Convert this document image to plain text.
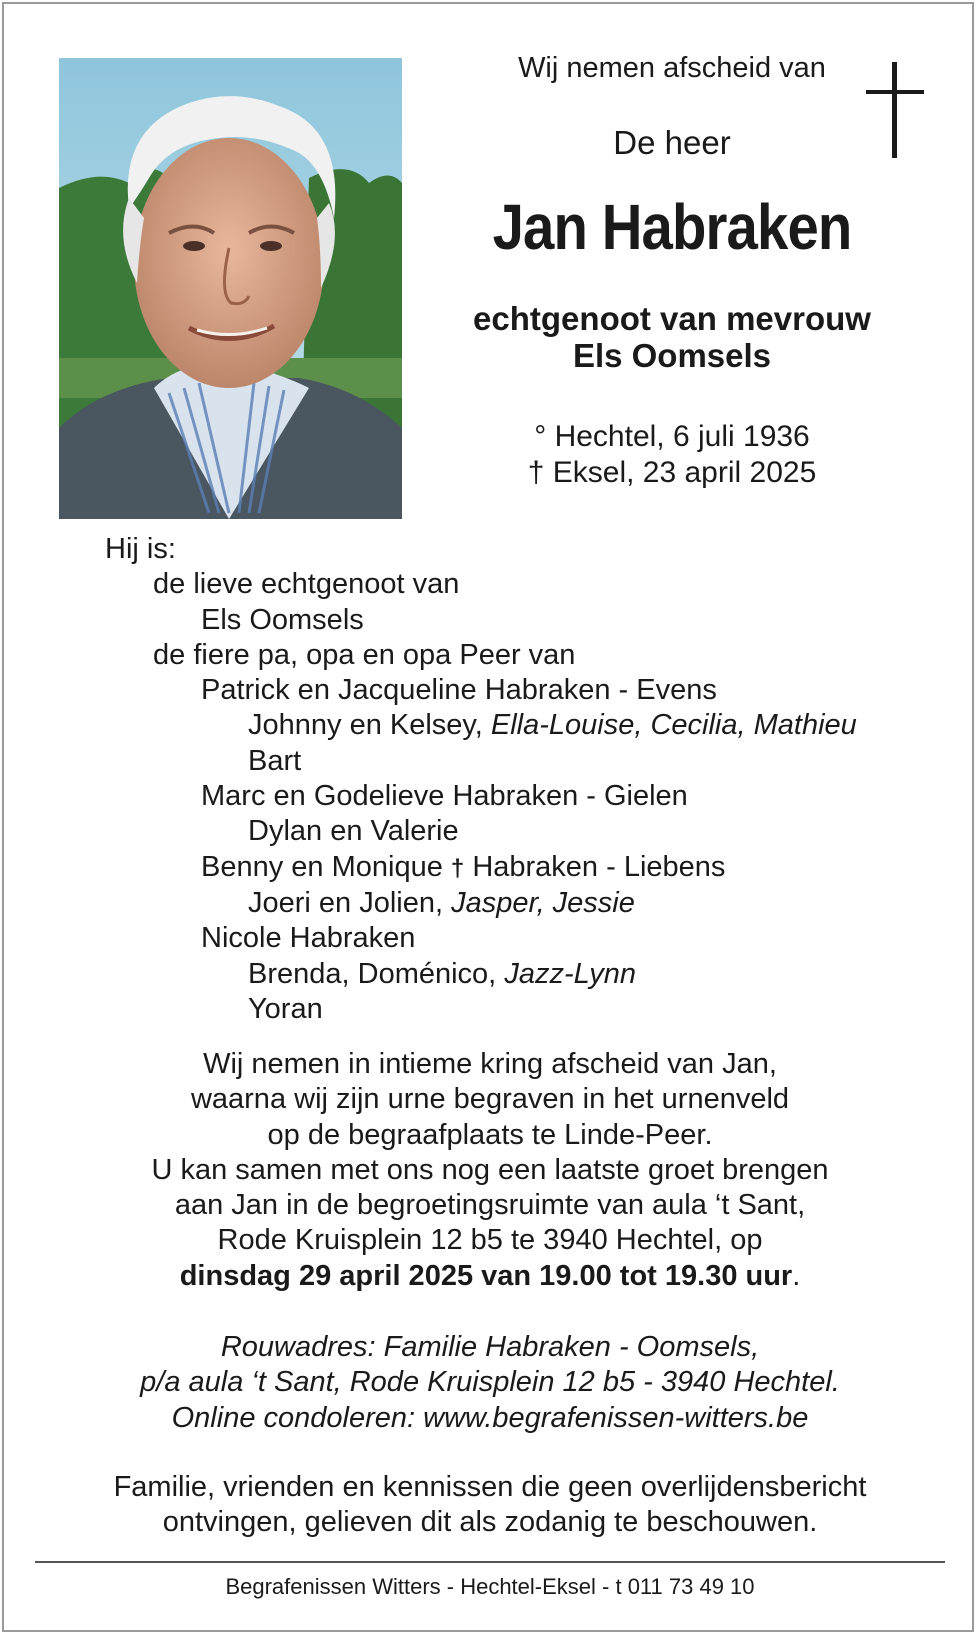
Wij nemen afscheid van
De heer
Jan Habraken
echtgenoot van mevrouw
Els Oomsels
° Hechtel, 6 juli 1936
† Eksel, 23 april 2025
Hij is:
de lieve echtgenoot van
Els Oomsels
de fiere pa, opa en opa Peer van
Patrick en Jacqueline Habraken - Evens
Johnny en Kelsey, Ella-Louise, Cecilia, Mathieu
Bart
Marc en Godelieve Habraken - Gielen
Dylan en Valerie
Benny en Monique † Habraken - Liebens
Joeri en Jolien, Jasper, Jessie
Nicole Habraken
Brenda, Doménico, Jazz-Lynn
Yoran
Wij nemen in intieme kring afscheid van Jan,
waarna wij zijn urne begraven in het urnenveld
op de begraafplaats te Linde-Peer.
U kan samen met ons nog een laatste groet brengen
aan Jan in de begroetingsruimte van aula ‘t Sant,
Rode Kruisplein 12 b5 te 3940 Hechtel, op
dinsdag 29 april 2025 van 19.00 tot 19.30 uur.
Rouwadres: Familie Habraken - Oomsels,
p/a aula ‘t Sant, Rode Kruisplein 12 b5 - 3940 Hechtel.
Online condoleren: www.begrafenissen-witters.be
Familie, vrienden en kennissen die geen overlijdensbericht
ontvingen, gelieven dit als zodanig te beschouwen.
Begrafenissen Witters - Hechtel-Eksel - t 011 73 49 10
